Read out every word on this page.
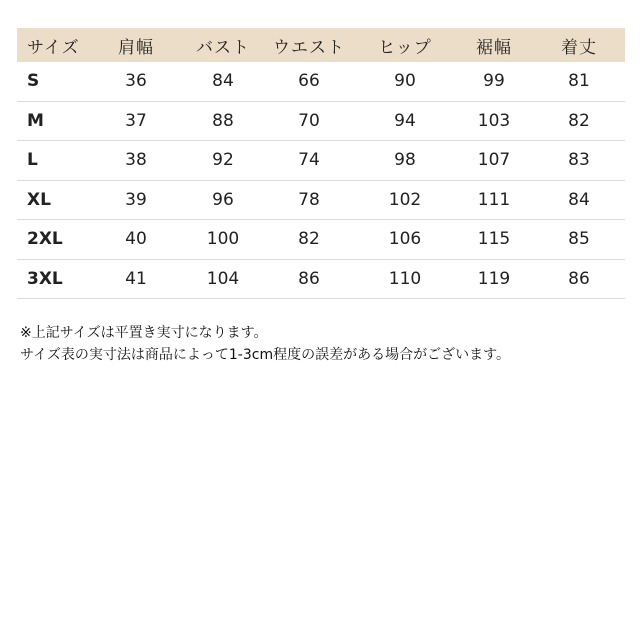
サイズ	肩幅	バスト	ウエスト	ヒップ	裾幅	着丈
S	36	84	66	90	99	81
M	37	88	70	94	103	82
L	38	92	74	98	107	83
XL	39	96	78	102	111	84
2XL	40	100	82	106	115	85
3XL	41	104	86	110	119	86
※上記サイズは平置き実寸になります。
サイズ表の実寸法は商品によって1-3cm程度の誤差がある場合がございます。
